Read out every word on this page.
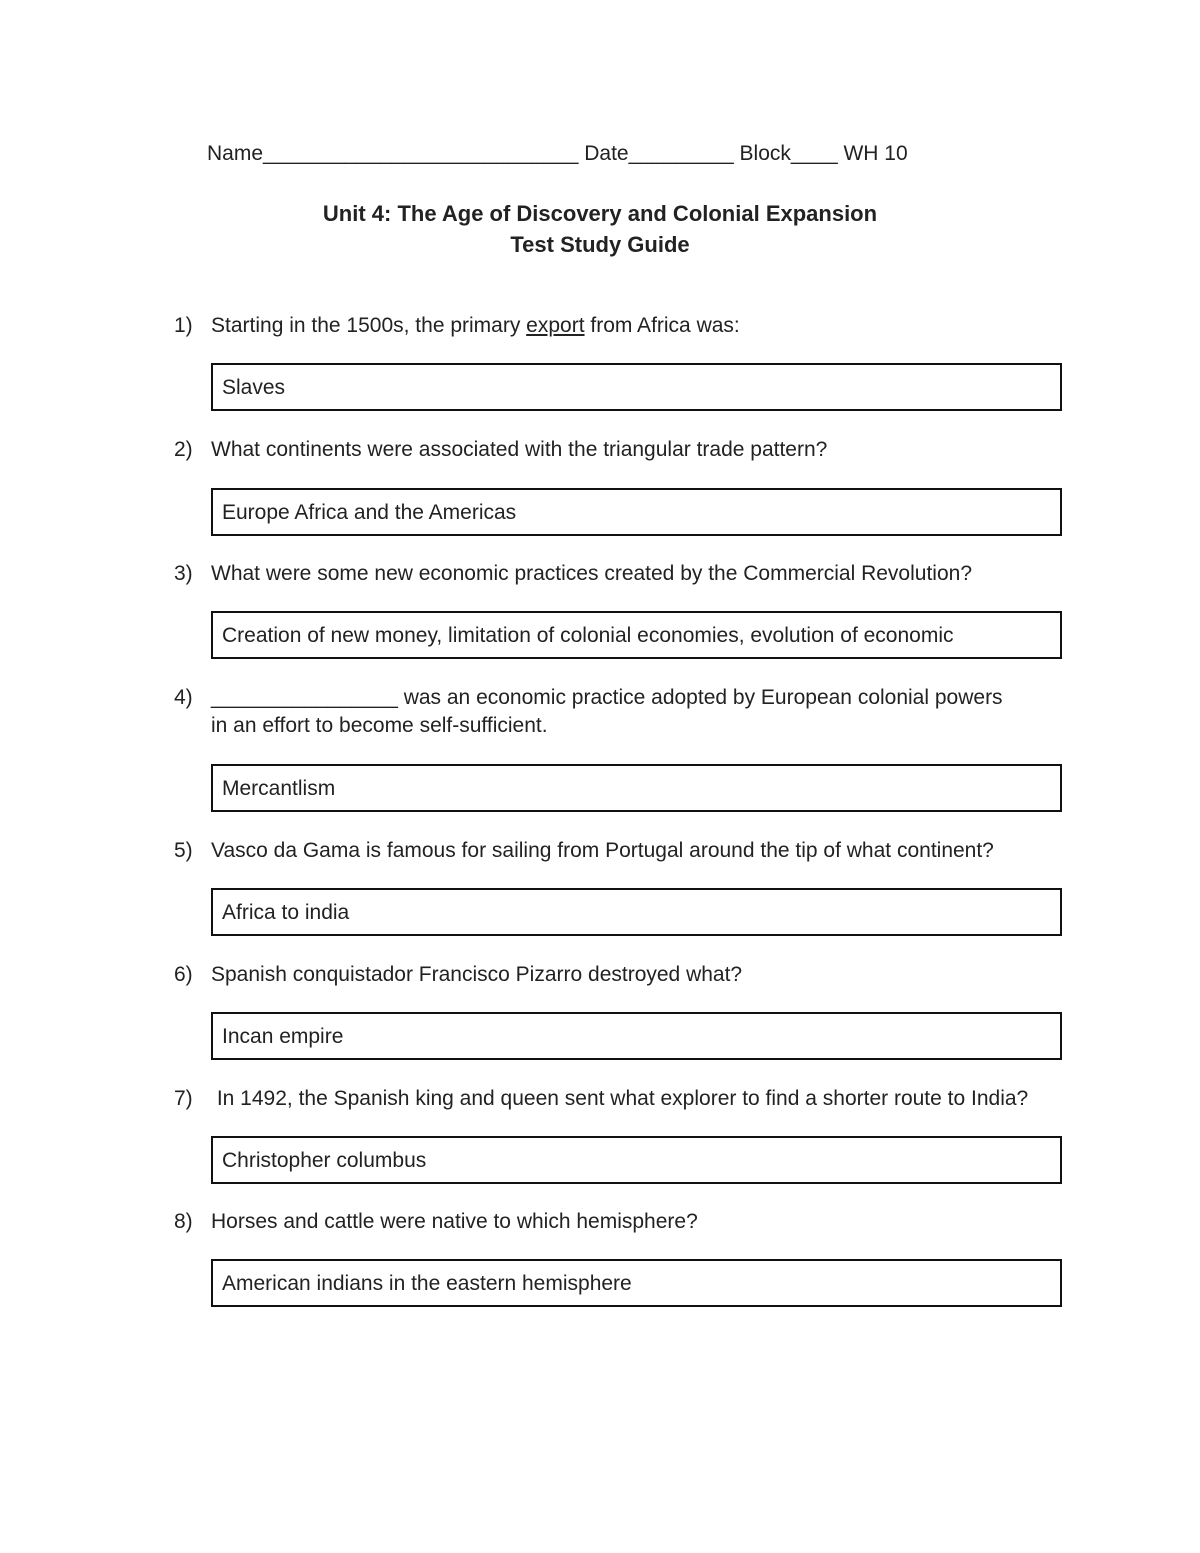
Name___________________________ Date_________ Block____ WH 10
Unit 4: The Age of Discovery and Colonial Expansion
Test Study Guide
1) Starting in the 1500s, the primary export from Africa was:
Slaves
2) What continents were associated with the triangular trade pattern?
Europe Africa and the Americas
3) What were some new economic practices created by the Commercial Revolution?
Creation of new money, limitation of colonial economies, evolution of economic
4) ________________ was an economic practice adopted by European colonial powers
in an effort to become self-sufficient.
Mercantlism
5) Vasco da Gama is famous for sailing from Portugal around the tip of what continent?
Africa to india
6) Spanish conquistador Francisco Pizarro destroyed what?
Incan empire
7) In 1492, the Spanish king and queen sent what explorer to find a shorter route to India?
Christopher columbus
8) Horses and cattle were native to which hemisphere?
American indians in the eastern hemisphere
